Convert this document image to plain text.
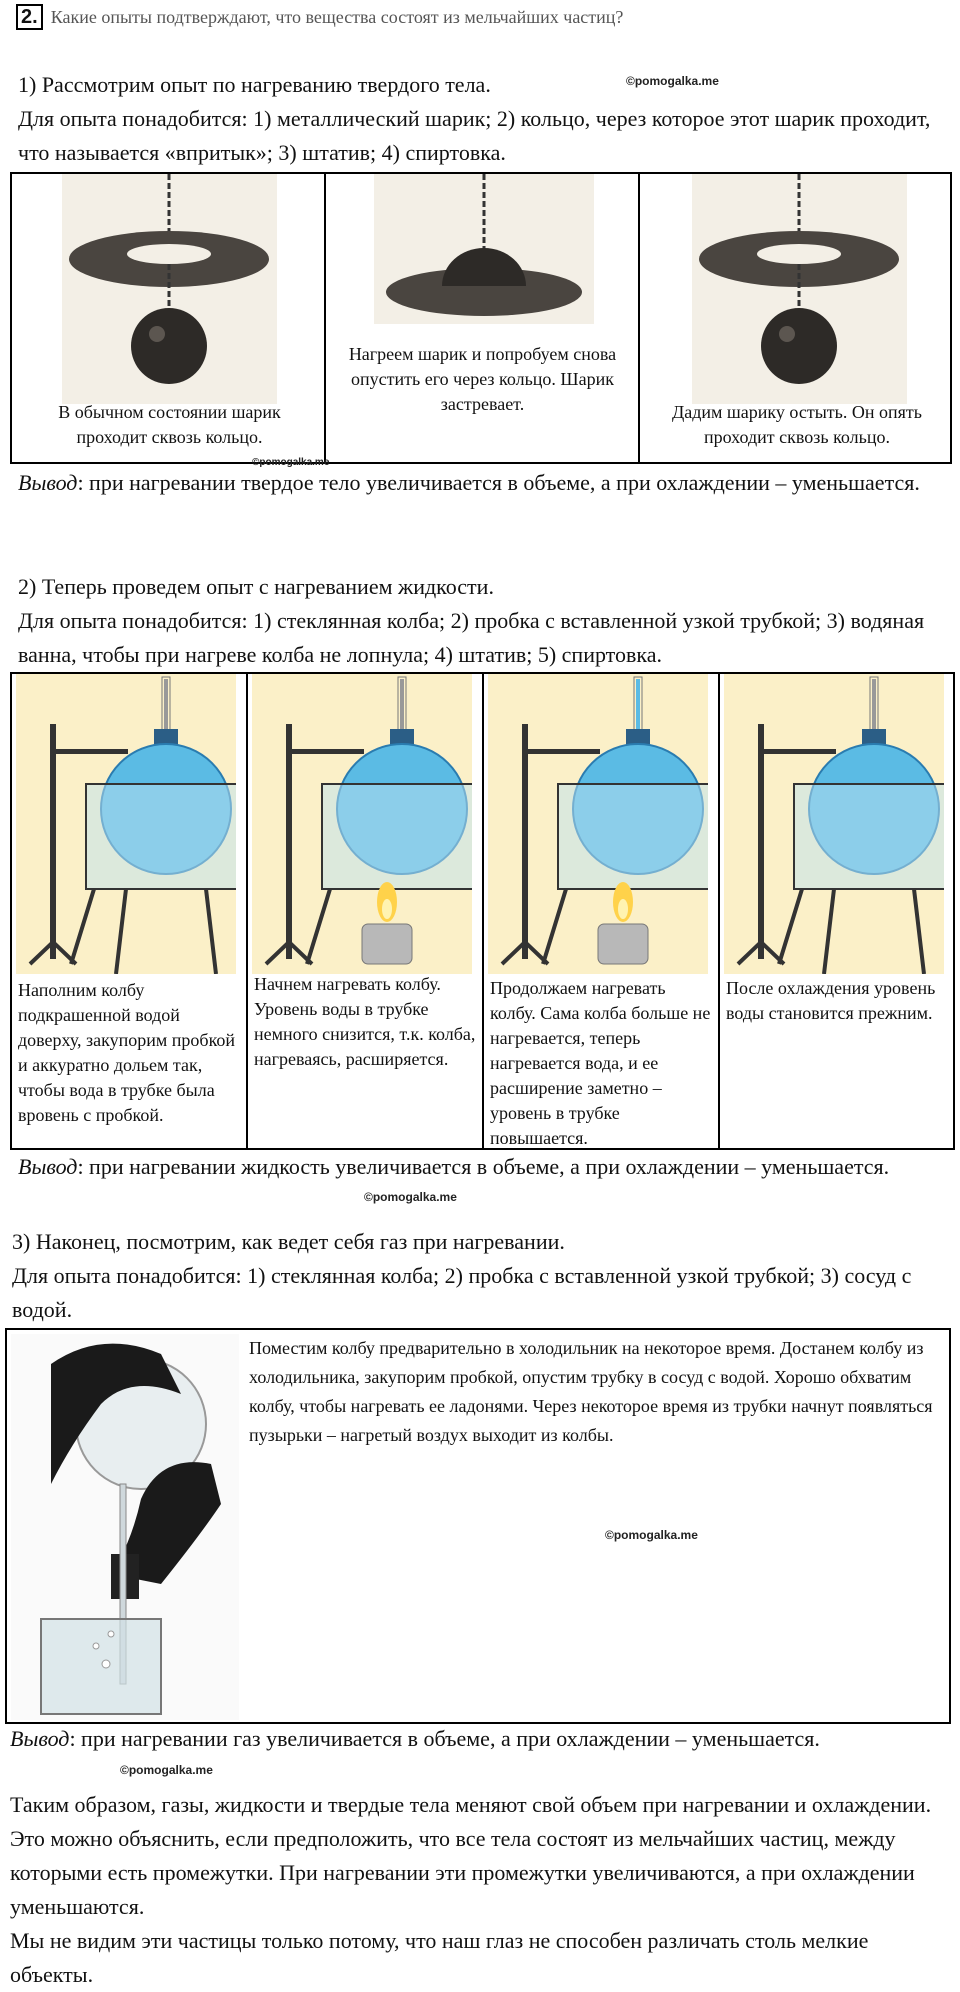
2. Какие опыты подтверждают, что вещества состоят из мельчайших частиц?
1) Рассмотрим опыт по нагреванию твердого тела.	©pomogalka.me
Для опыта понадобится: 1) металлический шарик; 2) кольцо, через которое этот шарик проходит, что называется «впритык»; 3) штатив; 4) спиртовка.
В обычном состоянии шарик проходит сквозь кольцо.
Нагреем шарик и попробуем снова опустить его через кольцо. Шарик застревает.	Дадим шарику остыть. Он опять проходит сквозь кольцо.
©pomogalka.me
Вывод: при нагревании твердое тело увеличивается в объеме, а при охлаждении – уменьшается.
2) Теперь проведем опыт с нагреванием жидкости.
Для опыта понадобится: 1) стеклянная колба; 2) пробка с вставленной узкой трубкой; 3) водяная ванна, чтобы при нагреве колба не лопнула; 4) штатив; 5) спиртовка.
Наполним колбу подкрашенной водой доверху, закупорим пробкой и аккуратно дольем так, чтобы вода в трубке была вровень с пробкой.
Начнем нагревать колбу. Уровень воды в трубке немного снизится, т.к. колба, нагреваясь, расширяется.
Продолжаем нагревать колбу. Сама колба больше не нагревается, теперь нагревается вода, и ее расширение заметно – уровень в трубке повышается.
После охлаждения уровень воды становится прежним.
Вывод: при нагревании жидкость увеличивается в объеме, а при охлаждении – уменьшается.
©pomogalka.me
3) Наконец, посмотрим, как ведет себя газ при нагревании.
Для опыта понадобится: 1) стеклянная колба; 2) пробка с вставленной узкой трубкой; 3) сосуд с водой.
Поместим колбу предварительно в холодильник на некоторое время. Достанем колбу из холодильника, закупорим пробкой, опустим трубку в сосуд с водой. Хорошо обхватим колбу, чтобы нагревать ее ладонями. Через некоторое время из трубки начнут появляться пузырьки – нагретый воздух выходит из колбы.
©pomogalka.me
Вывод: при нагревании газ увеличивается в объеме, а при охлаждении – уменьшается.
©pomogalka.me
Таким образом, газы, жидкости и твердые тела меняют свой объем при нагревании и охлаждении. Это можно объяснить, если предположить, что все тела состоят из мельчайших частиц, между которыми есть промежутки. При нагревании эти промежутки увеличиваются, а при охлаждении уменьшаются.
Мы не видим эти частицы только потому, что наш глаз не способен различать столь мелкие объекты.
